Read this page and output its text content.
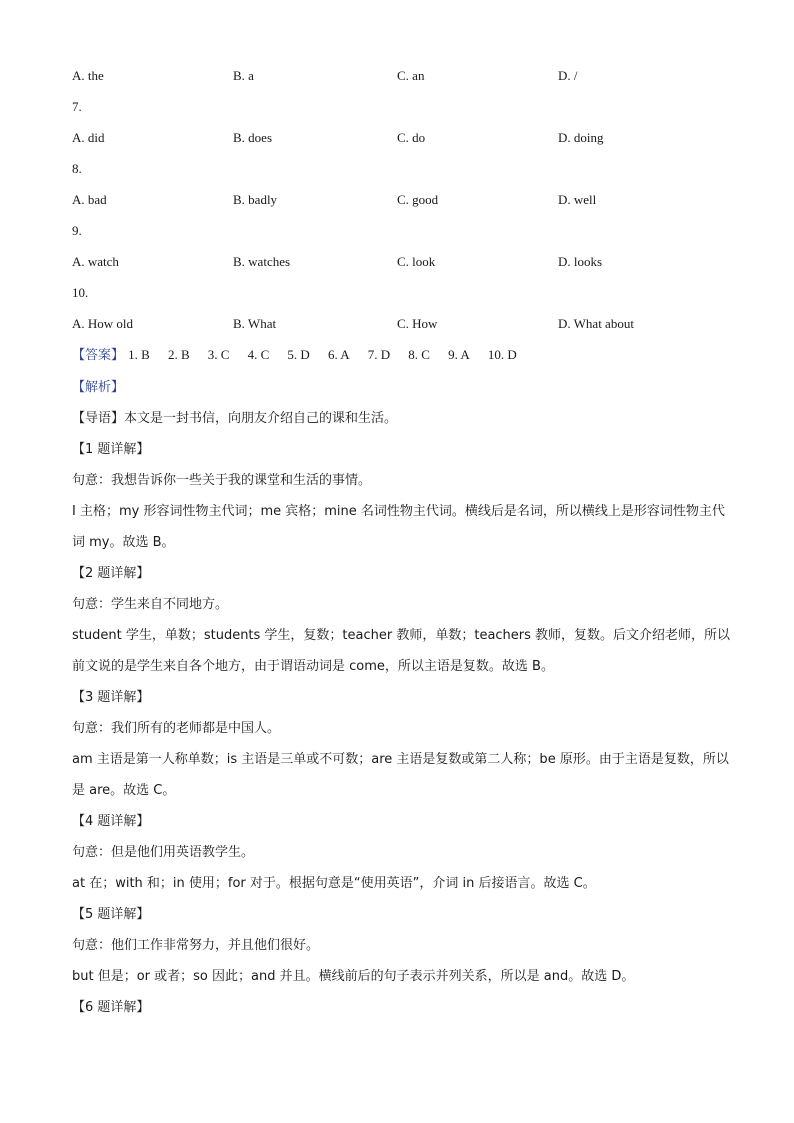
A. the	B. a	C. an	D. /
7.
A. did	B. does	C. do	D. doing
8.
A. bad	B. badly	C. good	D. well
9.
A. watch	B. watches	C. look	D. looks
10.
A. How old	B. What	C. How	D. What about
【答案】 1. B 2. B 3. C 4. C 5. D 6. A 7. D 8. C 9. A 10. D
【解析】
【导语】本文是一封书信，向朋友介绍自己的课和生活。
【1 题详解】
句意：我想告诉你一些关于我的课堂和生活的事情。
I 主格；my 形容词性物主代词；me 宾格；mine 名词性物主代词。横线后是名词，所以横线上是形容词性物主代词 my。故选 B。
【2 题详解】
句意：学生来自不同地方。
student 学生，单数；students 学生，复数；teacher 教师，单数；teachers 教师，复数。后文介绍老师，所以前文说的是学生来自各个地方，由于谓语动词是 come，所以主语是复数。故选 B。
【3 题详解】
句意：我们所有的老师都是中国人。
am 主语是第一人称单数；is 主语是三单或不可数；are 主语是复数或第二人称；be 原形。由于主语是复数，所以是 are。故选 C。
【4 题详解】
句意：但是他们用英语教学生。
at 在；with 和；in 使用；for 对于。根据句意是“使用英语”，介词 in 后接语言。故选 C。
【5 题详解】
句意：他们工作非常努力，并且他们很好。
but 但是；or 或者；so 因此；and 并且。横线前后的句子表示并列关系，所以是 and。故选 D。
【6 题详解】
